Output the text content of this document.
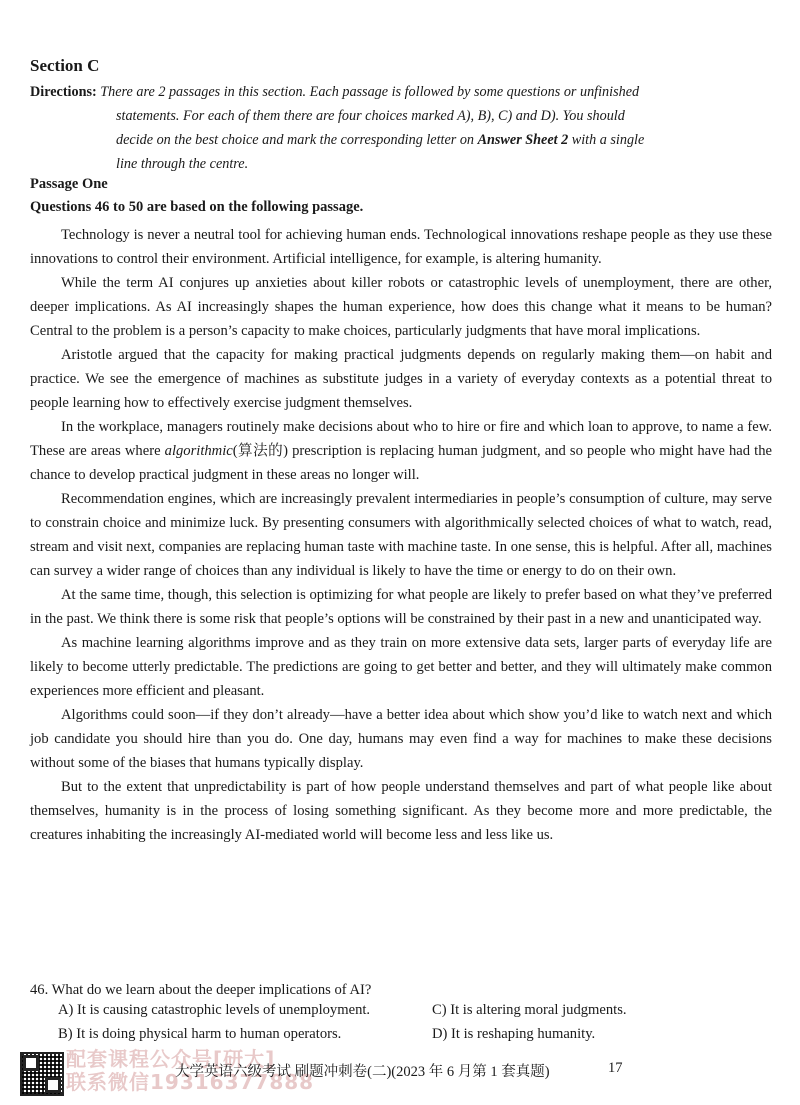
Section C
Directions: There are 2 passages in this section. Each passage is followed by some questions or unfinished
statements. For each of them there are four choices marked A), B), C) and D). You should
decide on the best choice and mark the corresponding letter on Answer Sheet 2 with a single
line through the centre.
Passage One
Questions 46 to 50 are based on the following passage.

Technology is never a neutral tool for achieving human ends. Technological innovations reshape people as they use these innovations to control their environment. Artificial intelligence, for example, is altering humanity.

While the term AI conjures up anxieties about killer robots or catastrophic levels of unemployment, there are other, deeper implications. As AI increasingly shapes the human experience, how does this change what it means to be human? Central to the problem is a person’s capacity to make choices, particularly judgments that have moral implications.

Aristotle argued that the capacity for making practical judgments depends on regularly making them—on habit and practice. We see the emergence of machines as substitute judges in a variety of everyday contexts as a potential threat to people learning how to effectively exercise judgment themselves.

In the workplace, managers routinely make decisions about who to hire or fire and which loan to approve, to name a few. These are areas where algorithmic(算法的) prescription is replacing human judgment, and so people who might have had the chance to develop practical judgment in these areas no longer will.

Recommendation engines, which are increasingly prevalent intermediaries in people’s consumption of culture, may serve to constrain choice and minimize luck. By presenting consumers with algorithmically selected choices of what to watch, read, stream and visit next, companies are replacing human taste with machine taste. In one sense, this is helpful. After all, machines can survey a wider range of choices than any individual is likely to have the time or energy to do on their own.

At the same time, though, this selection is optimizing for what people are likely to prefer based on what they’ve preferred in the past. We think there is some risk that people’s options will be constrained by their past in a new and unanticipated way.

As machine learning algorithms improve and as they train on more extensive data sets, larger parts of everyday life are likely to become utterly predictable. The predictions are going to get better and better, and they will ultimately make common experiences more efficient and pleasant.

Algorithms could soon—if they don’t already—have a better idea about which show you’d like to watch next and which job candidate you should hire than you do. One day, humans may even find a way for machines to make these decisions without some of the biases that humans typically display.

But to the extent that unpredictability is part of how people understand themselves and part of what people like about themselves, humanity is in the process of losing something significant. As they become more and more predictable, the creatures inhabiting the increasingly AI-mediated world will become less and less like us.

46. What do we learn about the deeper implications of AI?
A) It is causing catastrophic levels of unemployment.	C) It is altering moral judgments.
B) It is doing physical harm to human operators.	D) It is reshaping humanity.
配套课程公众号[研大]
联系微信19316377888
大学英语六级考试 刷题冲刺卷(二)(2023 年 6 月第 1 套真题)	17
